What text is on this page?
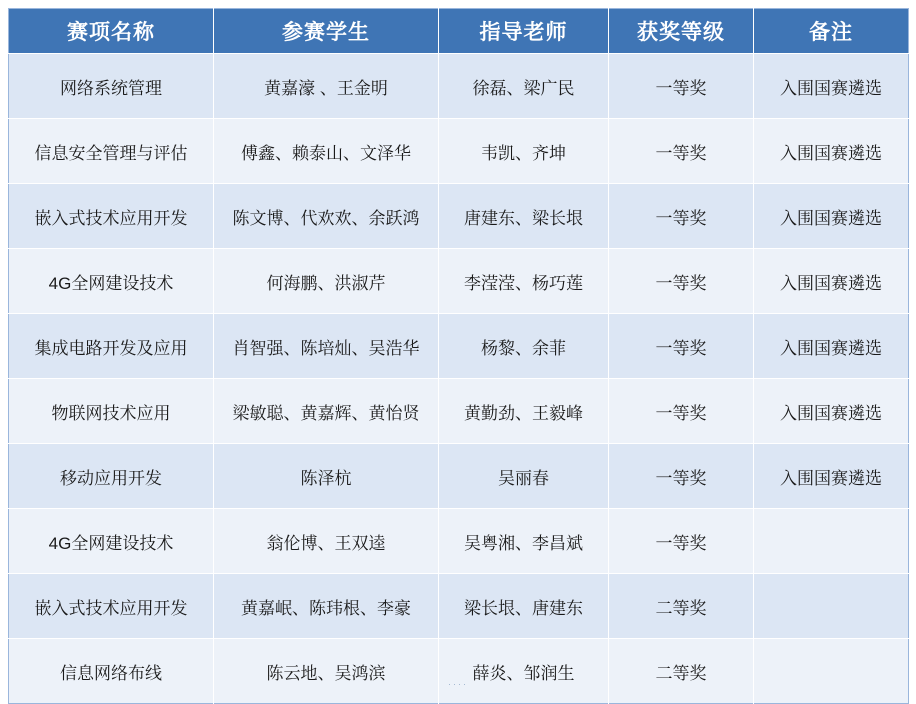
赛项名称	参赛学生	指导老师	获奖等级	备注
网络系统管理	黄嘉濠 、王金明	徐磊、梁广民	一等奖	入围国赛遴选
信息安全管理与评估	傅鑫、赖泰山、文泽华	韦凯、齐坤	一等奖	入围国赛遴选
嵌入式技术应用开发	陈文博、代欢欢、余跃鸿	唐建东、梁长垠	一等奖	入围国赛遴选
4G全网建设技术	何海鹏、洪淑芹	李滢滢、杨巧莲	一等奖	入围国赛遴选
集成电路开发及应用	肖智强、陈培灿、吴浩华	杨黎、余菲	一等奖	入围国赛遴选
物联网技术应用	梁敏聪、黄嘉辉、黄怡贤	黄勤劲、王毅峰	一等奖	入围国赛遴选
移动应用开发	陈泽杭	吴丽春	一等奖	入围国赛遴选
4G全网建设技术	翁伦博、王双逵	吴粤湘、李昌斌	一等奖	
嵌入式技术应用开发	黄嘉岷、陈玮根、李豪	梁长垠、唐建东	二等奖	
信息网络布线	陈云地、吴鸿滨	薛炎、邹润生	二等奖	
····
